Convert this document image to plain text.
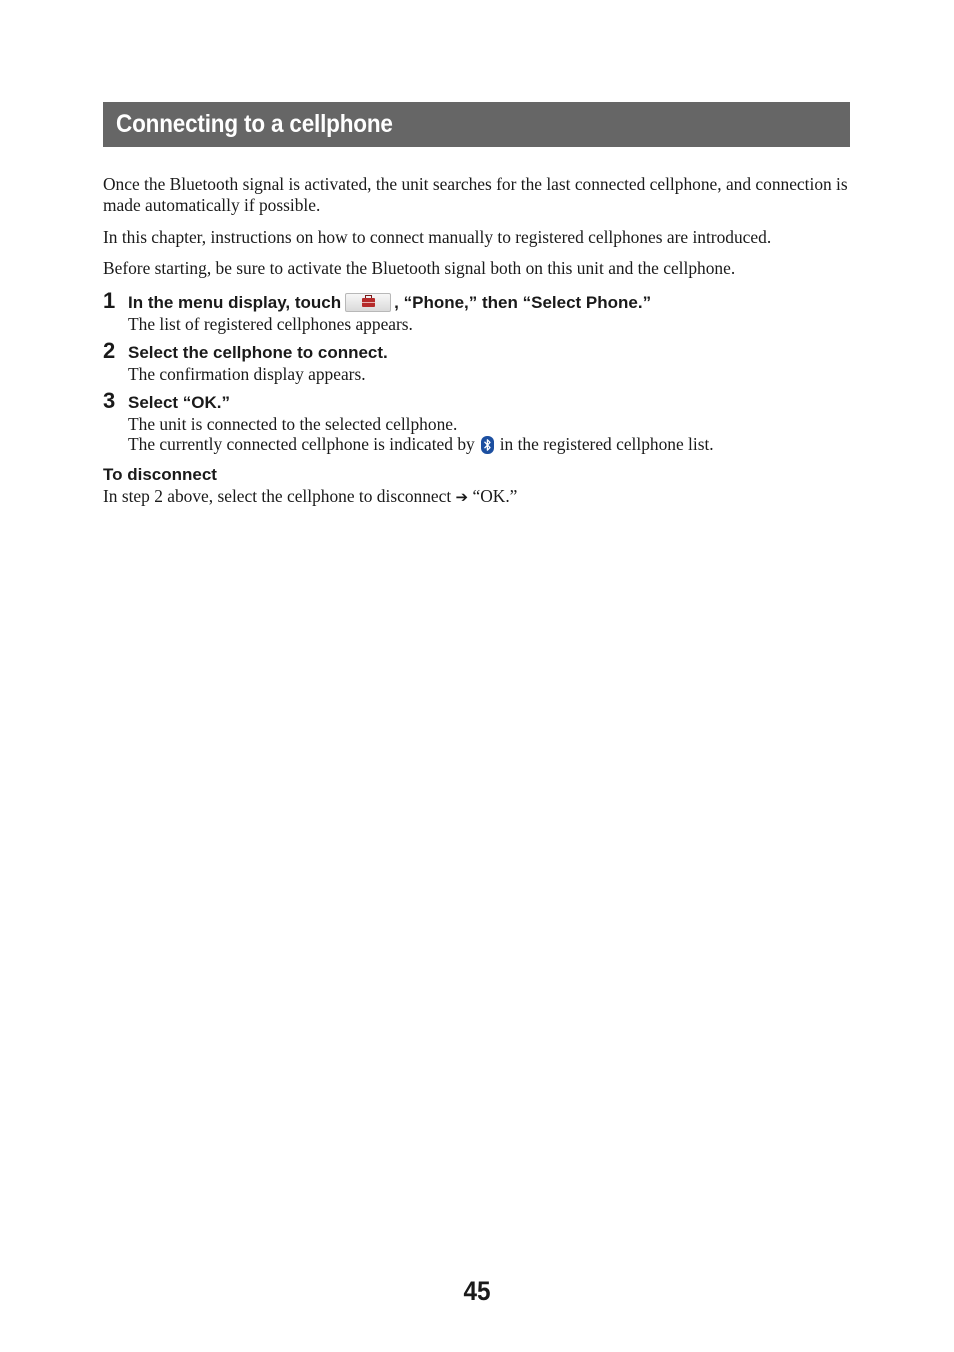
Connecting to a cellphone

Once the Bluetooth signal is activated, the unit searches for the last connected cellphone, and connection is made automatically if possible.

In this chapter, instructions on how to connect manually to registered cellphones are introduced.

Before starting, be sure to activate the Bluetooth signal both on this unit and the cellphone.

1 In the menu display, touch	, “Phone,” then “Select Phone.”
The list of registered cellphones appears.
2 Select the cellphone to connect.
The confirmation display appears.
3 Select “OK.”
The unit is connected to the selected cellphone.
The currently connected cellphone is indicated by in the registered cellphone list.
To disconnect
In step 2 above, select the cellphone to disconnect ➔ “OK.”
45
